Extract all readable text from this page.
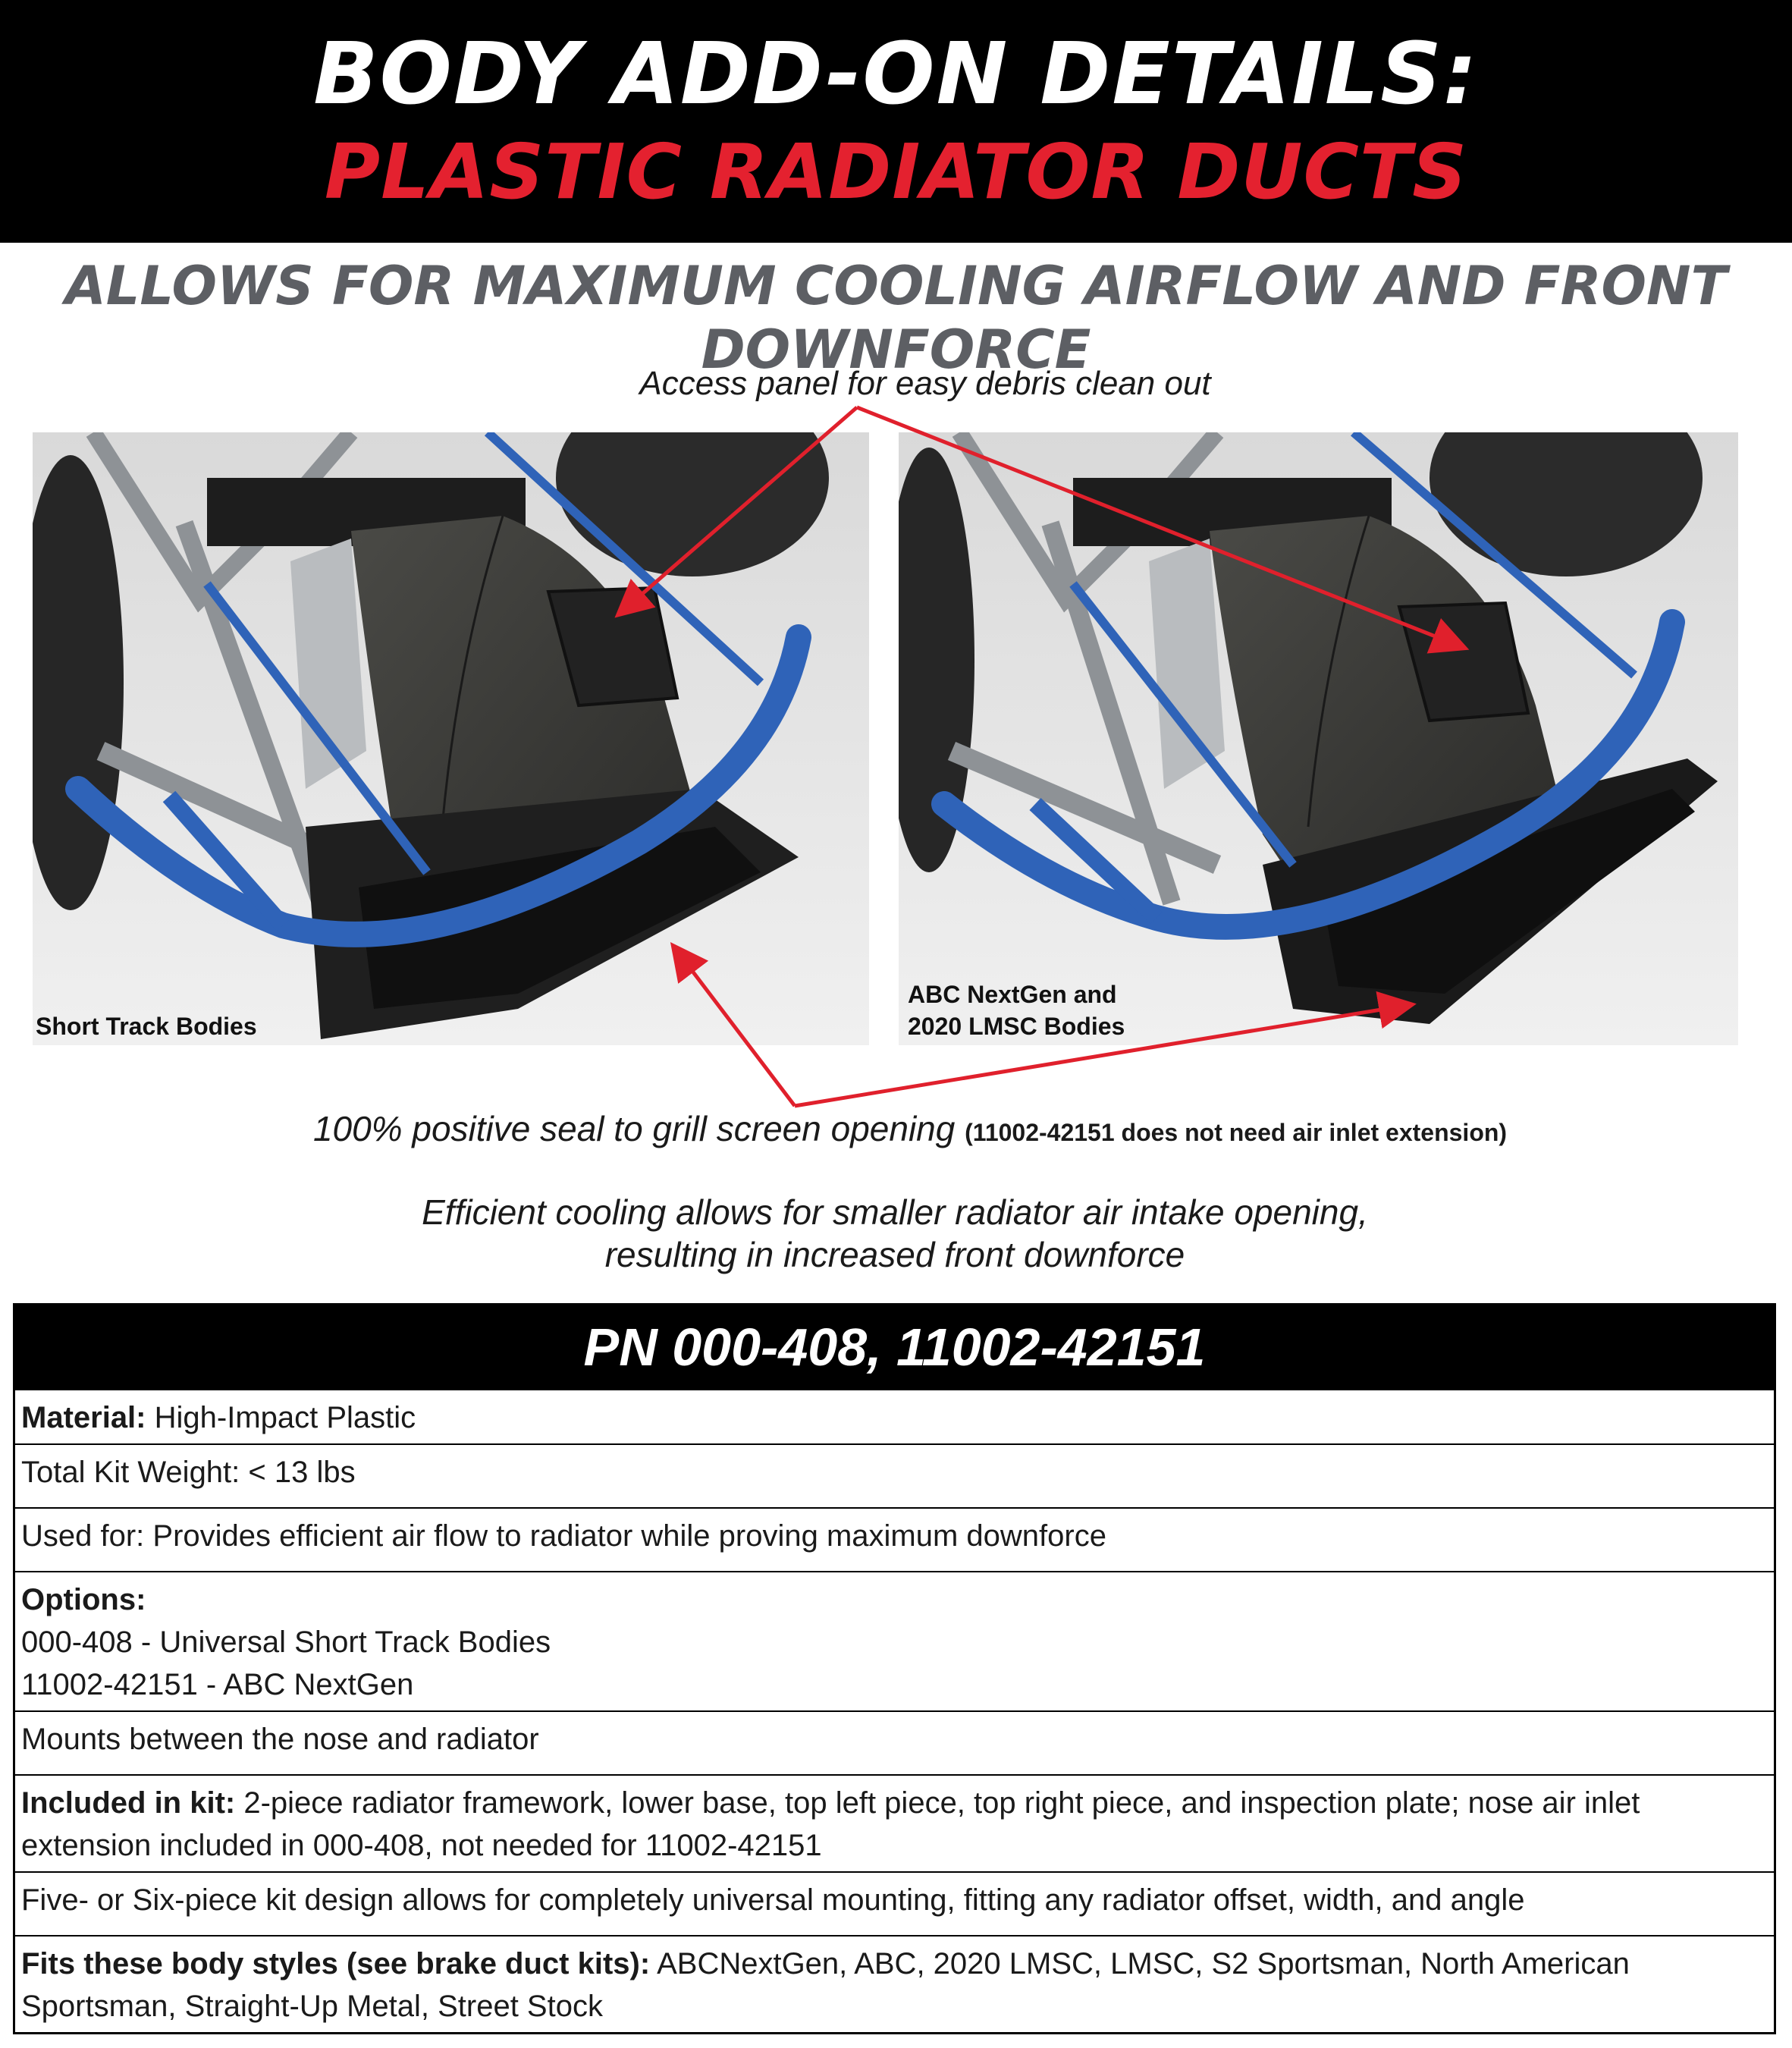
BODY ADD-ON DETAILS:
PLASTIC RADIATOR DUCTS
ALLOWS FOR MAXIMUM COOLING AIRFLOW AND FRONT DOWNFORCE
Access panel for easy debris clean out
Short Track Bodies
ABC NextGen and
2020 LMSC Bodies
100% positive seal to grill screen opening (11002-42151 does not need air inlet extension)
Efficient cooling allows for smaller radiator air intake opening,
resulting in increased front downforce
PN 000-408, 11002-42151
Material: High-Impact Plastic
Total Kit Weight: < 13 lbs
Used for: Provides efficient air flow to radiator while proving maximum downforce
Options:
000-408 - Universal Short Track Bodies
11002-42151 - ABC NextGen
Mounts between the nose and radiator
Included in kit: 2-piece radiator framework, lower base, top left piece, top right piece, and inspection plate; nose air inlet extension included in 000-408, not needed for 11002-42151
Five- or Six-piece kit design allows for completely universal mounting, fitting any radiator offset, width, and angle
Fits these body styles (see brake duct kits): ABCNextGen, ABC, 2020 LMSC, LMSC, S2 Sportsman, North American Sportsman, Straight-Up Metal, Street Stock
